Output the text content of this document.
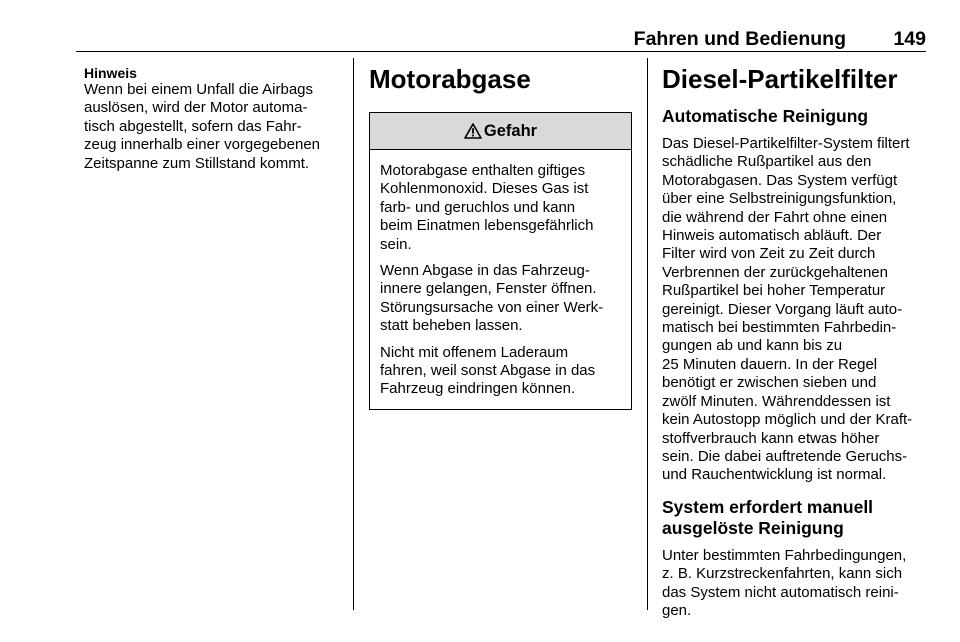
Fahren und Bedienung 149
Hinweis
Wenn bei einem Unfall die Airbags
auslösen, wird der Motor automa-
tisch abgestellt, sofern das Fahr-
zeug innerhalb einer vorgegebenen
Zeitspanne zum Stillstand kommt.
Motorabgase
Gefahr
Motorabgase enthalten giftiges
Kohlenmonoxid. Dieses Gas ist
farb- und geruchlos und kann
beim Einatmen lebensgefährlich
sein.
Wenn Abgase in das Fahrzeug-
innere gelangen, Fenster öffnen.
Störungsursache von einer Werk-
statt beheben lassen.
Nicht mit offenem Laderaum
fahren, weil sonst Abgase in das
Fahrzeug eindringen können.
Diesel-Partikelfilter
Automatische Reinigung
Das Diesel-Partikelfilter-System filtert
schädliche Rußpartikel aus den
Motorabgasen. Das System verfügt
über eine Selbstreinigungsfunktion,
die während der Fahrt ohne einen
Hinweis automatisch abläuft. Der
Filter wird von Zeit zu Zeit durch
Verbrennen der zurückgehaltenen
Rußpartikel bei hoher Temperatur
gereinigt. Dieser Vorgang läuft auto-
matisch bei bestimmten Fahrbedin-
gungen ab und kann bis zu
25 Minuten dauern. In der Regel
benötigt er zwischen sieben und
zwölf Minuten. Währenddessen ist
kein Autostopp möglich und der Kraft-
stoffverbrauch kann etwas höher
sein. Die dabei auftretende Geruchs-
und Rauchentwicklung ist normal.
System erfordert manuell
ausgelöste Reinigung
Unter bestimmten Fahrbedingungen,
z. B. Kurzstreckenfahrten, kann sich
das System nicht automatisch reini-
gen.
